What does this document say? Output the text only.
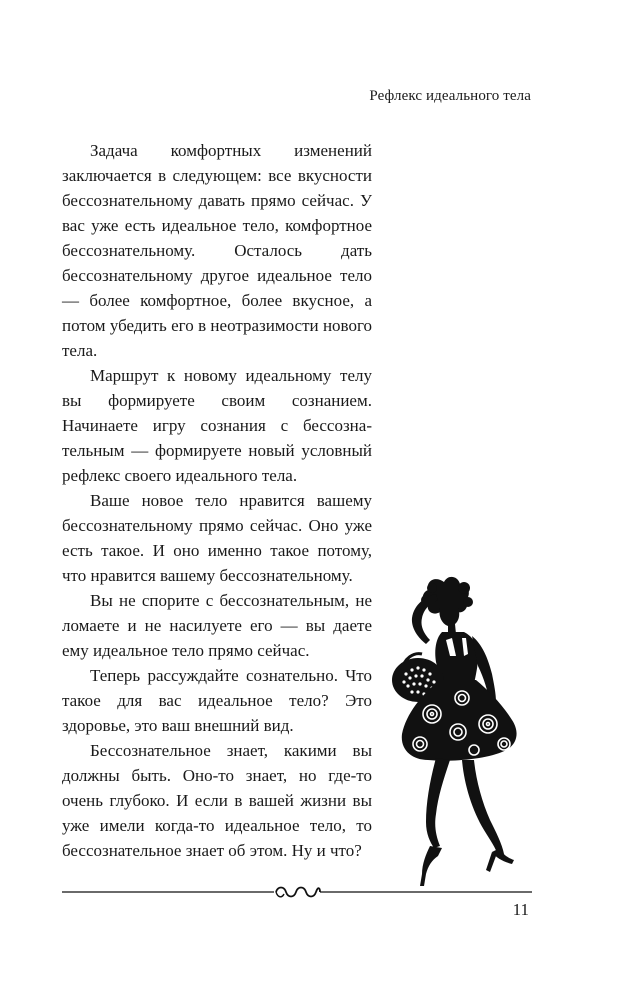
Рефлекс идеального тела

Задача комфортных изменений заключается в следующем: все вкусности бессознательному давать прямо сейчас. У вас уже есть идеальное тело, комфортное бессознательному. Осталось дать бессознательному другое идеальное тело — более комфортное, более вкусное, а потом убедить его в неотразимости нового тела.

Маршрут к новому идеальному телу вы формируете своим сознанием. Начинаете игру сознания с бессознательным — формируете новый условный рефлекс своего идеального тела.

Ваше новое тело нравится вашему бессознательному прямо сейчас. Оно уже есть такое. И оно именно такое потому, что нравится вашему бессознательному.

Вы не спорите с бессознательным, не ломаете и не насилуете его — вы даете ему идеальное тело прямо сейчас.

Теперь рассуждайте сознательно. Что такое для вас идеальное тело? Это здоровье, это ваш внешний вид.

Бессознательное знает, какими вы должны быть. Оно-то знает, но где-то очень глубоко. И если в вашей жизни вы уже имели когда-то идеальное тело, то бессознательное знает об этом. Ну и что?

11
